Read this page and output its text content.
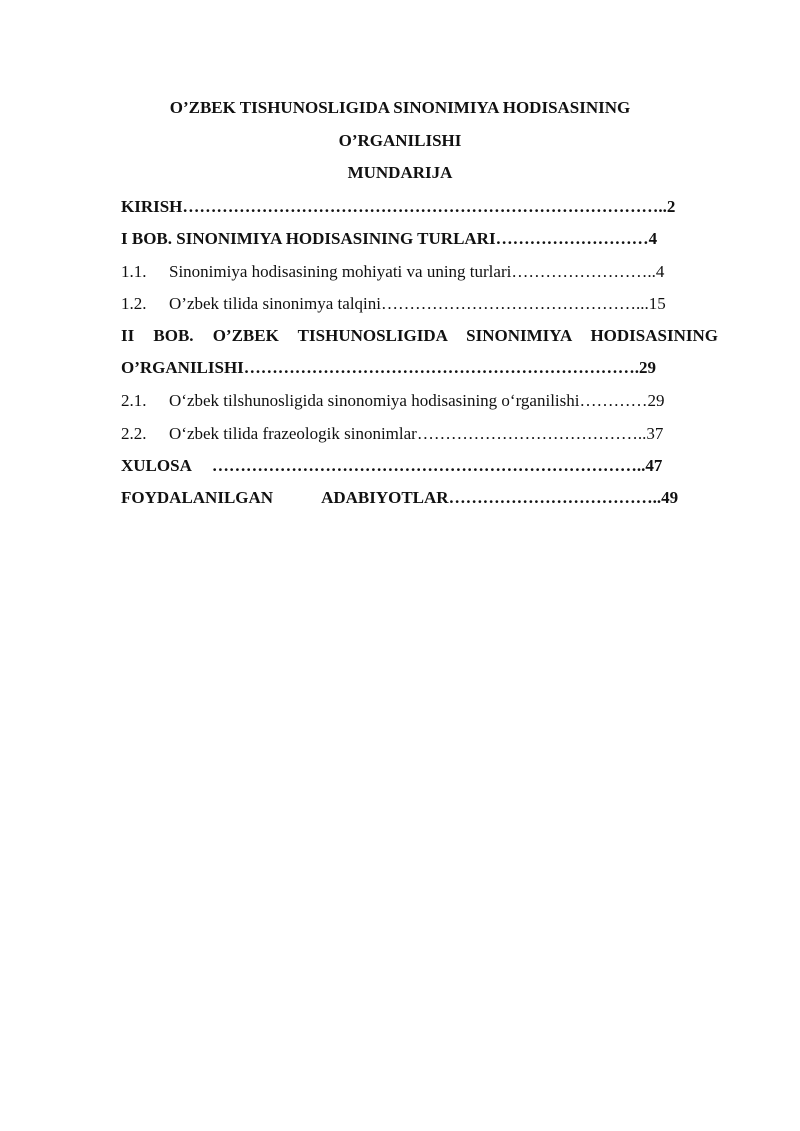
O’ZBEK TISHUNOSLIGIDA SINONIMIYA HODISASINING
O’RGANILISHI
MUNDARIJA
KIRISH…………………………………………………………………………..2
I BOB. SINONIMIYA HODISASINING TURLARI………………………4
1.1. Sinonimiya hodisasining mohiyati va uning turlari……………………..4
1.2. O’zbek tilida sinonimya talqini………………………………………...15
II BOB. O’ZBEK TISHUNOSLIGIDA SINONIMIYA HODISASINING
O’RGANILISHI…………………………………………………………….29
2.1. O‘zbek tilshunosligida sinonomiya hodisasining o‘rganilishi…………29
2.2. O‘zbek tilida frazeologik sinonimlar…………………………………..37
XULOSA …………………………………………………………………..47
FOYDALANILGAN	ADABIYOTLAR………………………………..49
